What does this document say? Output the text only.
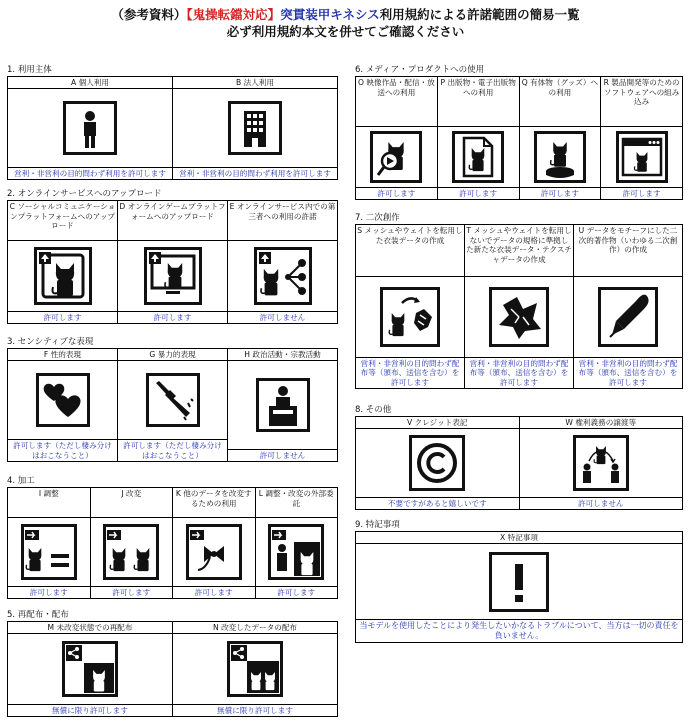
（参考資料）【鬼操転鐺対応】突貫装甲キネシス利用規約による許諾範囲の簡易一覧
必ず利用規約本文を併せてご確認ください
1. 利用主体
A 個人利用
営利・非営利の目的問わず利用を許可します
B 法人利用
営利・非営利の目的問わず利用を許可します
2. オンラインサービスへのアップロード
C ソーシャルコミュニケーションプラットフォームへのアップロード
許可します
D オンラインゲームプラットフォームへのアップロード
許可します
E オンラインサービス内での第三者への利用の許諾
許可しません
3. センシティブな表現
F 性的表現
許可します（ただし棲み分けはおこなうこと）
G 暴力的表現
許可します（ただし棲み分けはおこなうこと）
H 政治活動・宗教活動
許可しません
4. 加工
I 調整
許可します
J 改変
許可します
K 他のデータを改変するための利用
許可します
L 調整・改変の外部委託
許可します
5. 再配布・配布
M 未改変状態での再配布
無償に限り許可します
N 改変したデータの配布
無償に限り許可します
6. メディア・プロダクトへの使用
O 映像作品・配信・放送への利用
許可します
P 出版物・電子出版物への利用
許可します
Q 有体物（グッズ）への利用
許可します
R 製品開発等のためのソフトウェアへの組み込み
許可します
7. 二次創作
S メッシュやウェイトを転用した衣装データの作成
営利・非営利の目的問わず配布等（頒布、送信を含む）を許可します
T メッシュやウェイトを転用しないでデータの規格に準拠した新たな衣装データ・テクスチャデータの作成
営利・非営利の目的問わず配布等（頒布、送信を含む）を許可します
U データをモチーフにした二次的著作物（いわゆる二次創作）の作成
営利・非営利の目的問わず配布等（頒布、送信を含む）を許可します
8. その他
V クレジット表記
不要ですがあると嬉しいです
W 権利義務の譲渡等
許可しません
9. 特記事項
X 特記事項
当モデルを使用したことにより発生したいかなるトラブルについて、当方は一切の責任を負いません。
